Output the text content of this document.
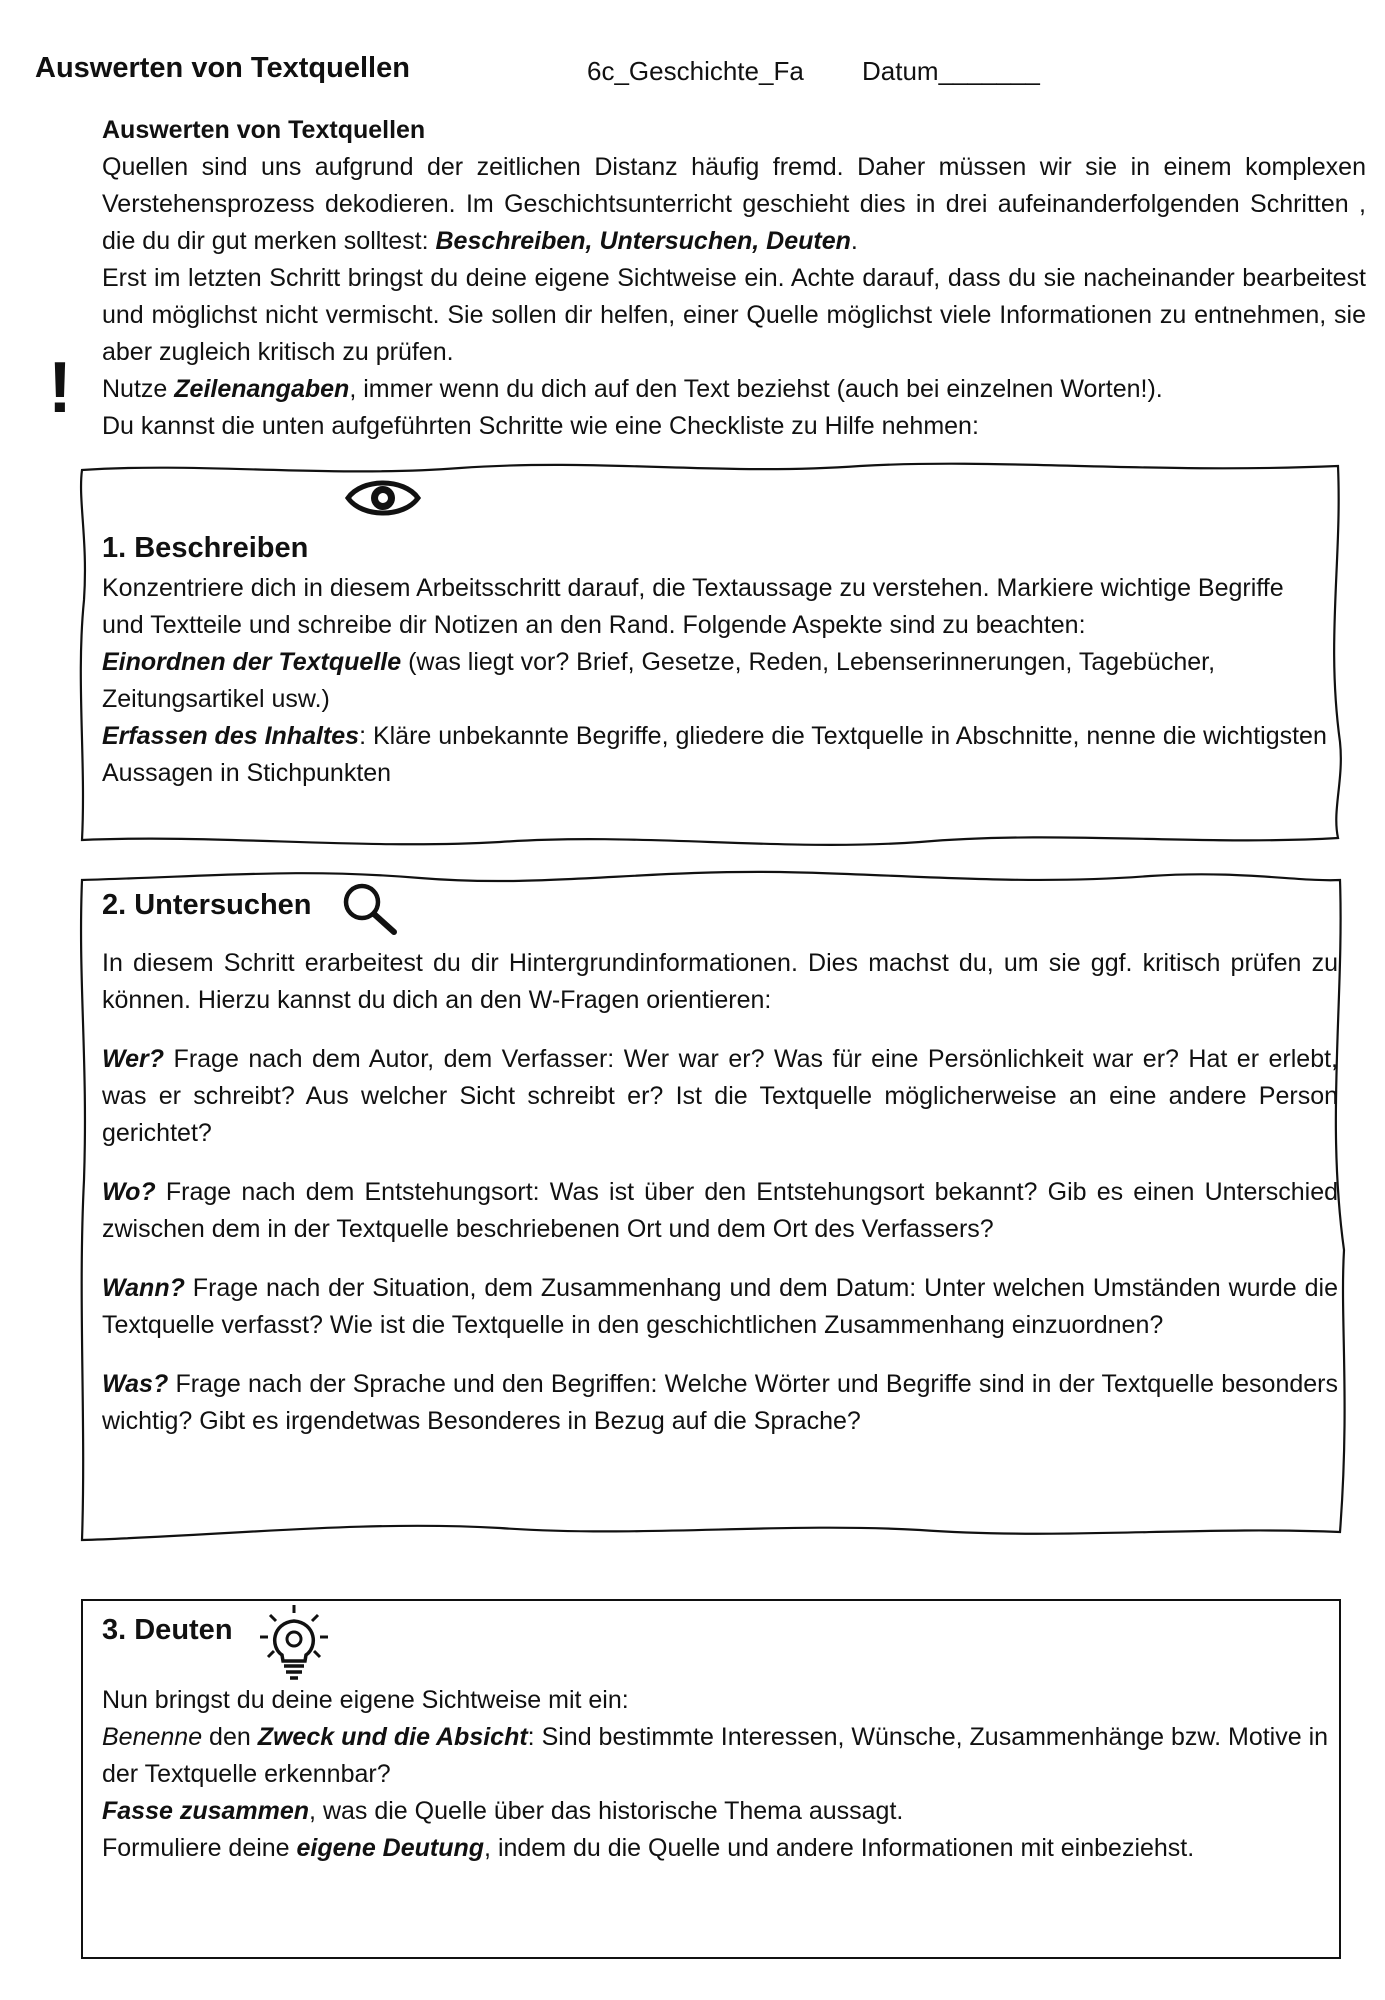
Auswerten von Textquellen	6c_Geschichte_Fa Datum_______
!

Auswerten von Textquellen

Quellen sind uns aufgrund der zeitlichen Distanz häufig fremd. Daher müssen wir sie in einem komplexen Verstehensprozess dekodieren. Im Geschichtsunterricht geschieht dies in drei aufeinanderfolgenden Schritten , die du dir gut merken solltest: Beschreiben, Untersuchen, Deuten.

Erst im letzten Schritt bringst du deine eigene Sichtweise ein. Achte darauf, dass du sie nacheinander bearbeitest und möglichst nicht vermischt. Sie sollen dir helfen, einer Quelle möglichst viele Informationen zu entnehmen, sie aber zugleich kritisch zu prüfen.

Nutze Zeilenangaben, immer wenn du dich auf den Text beziehst (auch bei einzelnen Worten!).

Du kannst die unten aufgeführten Schritte wie eine Checkliste zu Hilfe nehmen:

1. Beschreiben

Konzentriere dich in diesem Arbeitsschritt darauf, die Textaussage zu verstehen. Markiere wichtige Begriffe und Textteile und schreibe dir Notizen an den Rand. Folgende Aspekte sind zu beachten:

Einordnen der Textquelle (was liegt vor? Brief, Gesetze, Reden, Lebenserinnerungen, Tagebücher, Zeitungsartikel usw.)

Erfassen des Inhaltes: Kläre unbekannte Begriffe, gliedere die Textquelle in Abschnitte, nenne die wichtigsten Aussagen in Stichpunkten

2. Untersuchen

In diesem Schritt erarbeitest du dir Hintergrundinformationen. Dies machst du, um sie ggf. kritisch prüfen zu können. Hierzu kannst du dich an den W-Fragen orientieren:

Wer? Frage nach dem Autor, dem Verfasser: Wer war er? Was für eine Persönlichkeit war er? Hat er erlebt, was er schreibt? Aus welcher Sicht schreibt er? Ist die Textquelle möglicherweise an eine andere Person gerichtet?

Wo? Frage nach dem Entstehungsort: Was ist über den Entstehungsort bekannt? Gib es einen Unterschied zwischen dem in der Textquelle beschriebenen Ort und dem Ort des Verfassers?

Wann? Frage nach der Situation, dem Zusammenhang und dem Datum: Unter welchen Umständen wurde die Textquelle verfasst? Wie ist die Textquelle in den geschichtlichen Zusammenhang einzuordnen?

Was? Frage nach der Sprache und den Begriffen: Welche Wörter und Begriffe sind in der Textquelle besonders wichtig? Gibt es irgendetwas Besonderes in Bezug auf die Sprache?

3. Deuten

Nun bringst du deine eigene Sichtweise mit ein:

Benenne den Zweck und die Absicht: Sind bestimmte Interessen, Wünsche, Zusammenhänge bzw. Motive in der Textquelle erkennbar?

Fasse zusammen, was die Quelle über das historische Thema aussagt.

Formuliere deine eigene Deutung, indem du die Quelle und andere Informationen mit einbeziehst.
